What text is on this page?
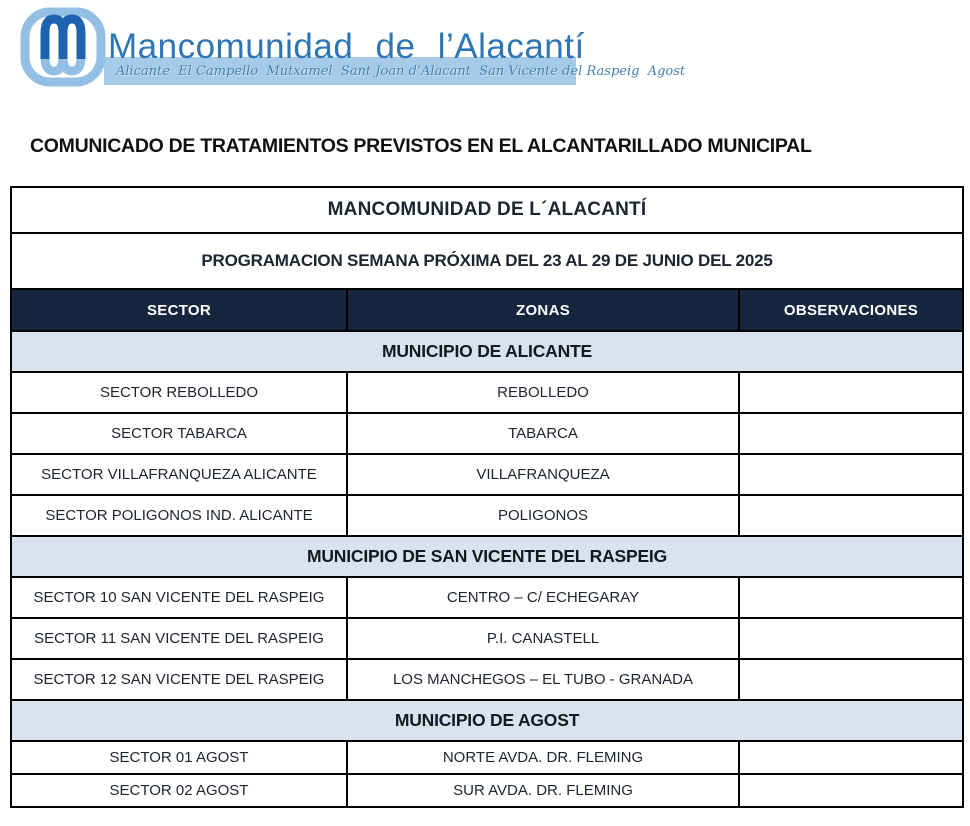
Alicante  El Campello  Mutxamel  Sant Joan d’Alacant  San Vicente del Raspeig  Agost
Mancomunidad de l’Alacantí
COMUNICADO DE TRATAMIENTOS PREVISTOS EN EL ALCANTARILLADO MUNICIPAL
MANCOMUNIDAD DE L´ALACANTÍ		
PROGRAMACION SEMANA PRÓXIMA DEL 23 AL 29 DE JUNIO DEL 2025		
SECTOR	ZONAS	OBSERVACIONES
MUNICIPIO DE ALICANTE		
SECTOR REBOLLEDO	REBOLLEDO	
SECTOR TABARCA	TABARCA	
SECTOR VILLAFRANQUEZA ALICANTE	VILLAFRANQUEZA	
SECTOR POLIGONOS IND. ALICANTE	POLIGONOS	
MUNICIPIO DE SAN VICENTE DEL RASPEIG		
SECTOR 10 SAN VICENTE DEL RASPEIG	CENTRO – C/ ECHEGARAY	
SECTOR 11 SAN VICENTE DEL RASPEIG	P.I. CANASTELL	
SECTOR 12 SAN VICENTE DEL RASPEIG	LOS MANCHEGOS – EL TUBO - GRANADA	
MUNICIPIO DE AGOST		
SECTOR 01 AGOST	NORTE AVDA. DR. FLEMING	
SECTOR 02 AGOST	SUR AVDA. DR. FLEMING	
